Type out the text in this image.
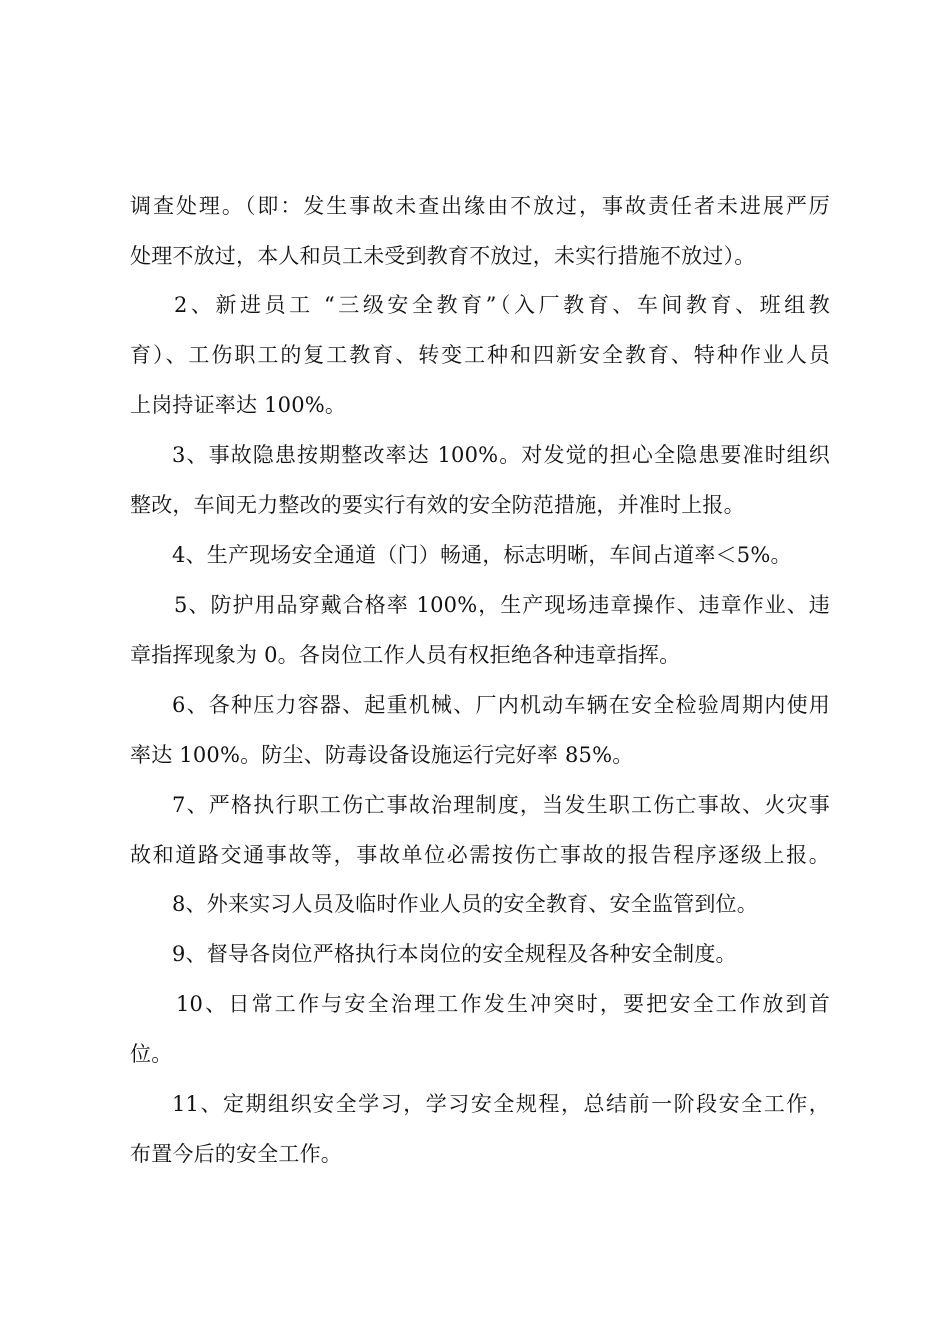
调查处理。（即：发生事故未查出缘由不放过，事故责任者未进展严厉
处理不放过，本人和员工未受到教育不放过，未实行措施不放过）。
2、新进员工 “三级安全教育”（入厂教育、车间教育、班组教
育）、工伤职工的复工教育、转变工种和四新安全教育、特种作业人员
上岗持证率达 100%。
3、事故隐患按期整改率达 100%。对发觉的担心全隐患要准时组织
整改，车间无力整改的要实行有效的安全防范措施，并准时上报。
4、生产现场安全通道（门）畅通，标志明晰，车间占道率＜5%。
5、防护用品穿戴合格率 100%，生产现场违章操作、违章作业、违
章指挥现象为 0。各岗位工作人员有权拒绝各种违章指挥。
6、各种压力容器、起重机械、厂内机动车辆在安全检验周期内使用
率达 100%。防尘、防毒设备设施运行完好率 85%。
7、严格执行职工伤亡事故治理制度，当发生职工伤亡事故、火灾事
故和道路交通事故等，事故单位必需按伤亡事故的报告程序逐级上报。
8、外来实习人员及临时作业人员的安全教育、安全监管到位。
9、督导各岗位严格执行本岗位的安全规程及各种安全制度。
10、日常工作与安全治理工作发生冲突时，要把安全工作放到首
位。
11、定期组织安全学习，学习安全规程，总结前一阶段安全工作，
布置今后的安全工作。
